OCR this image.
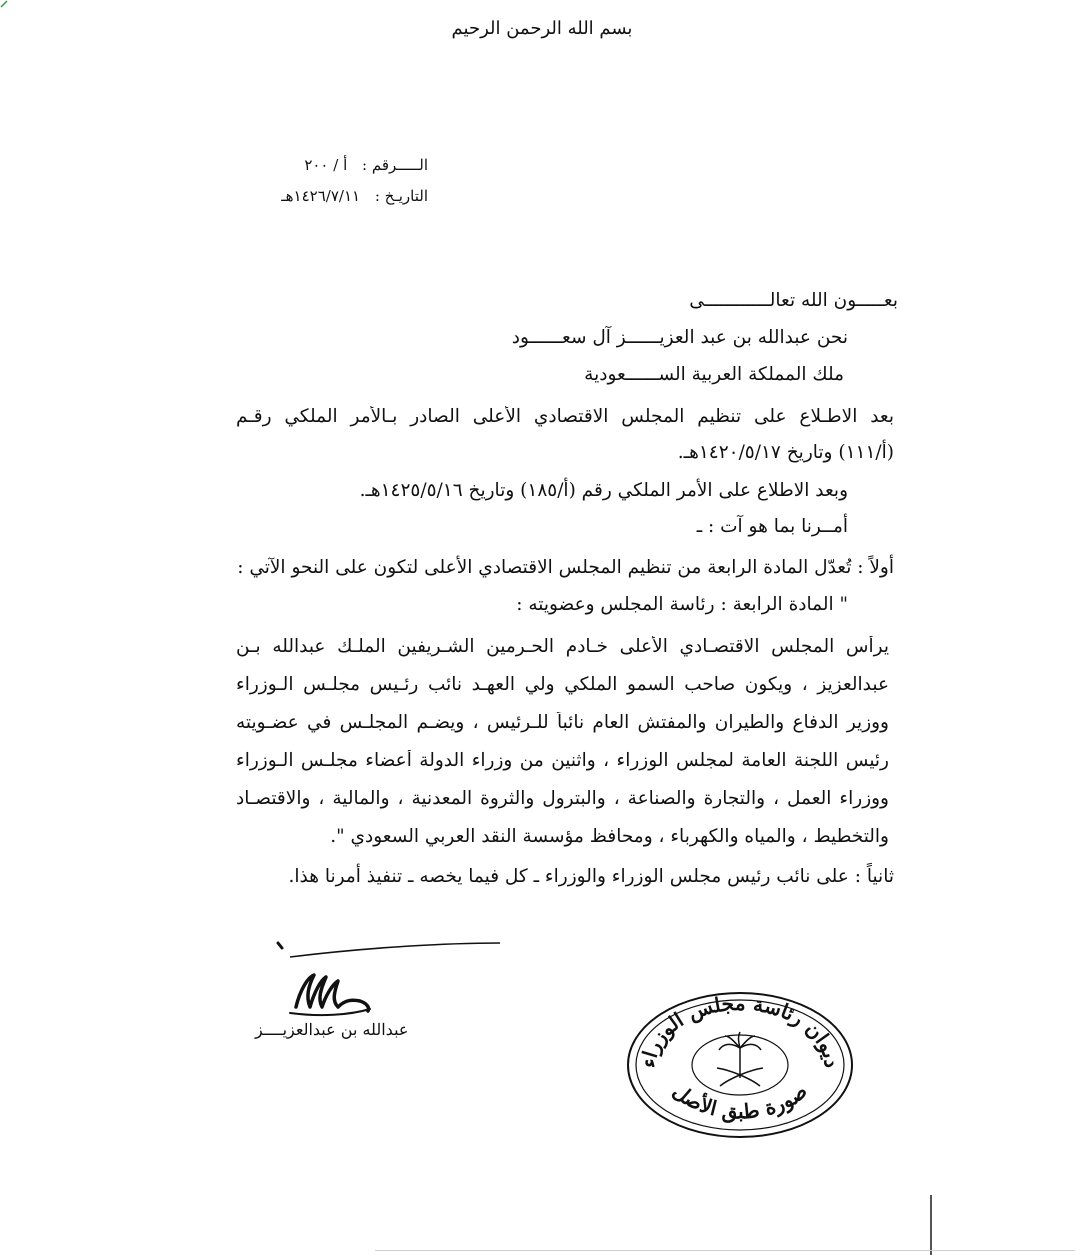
بسم الله الرحمن الرحيم
الـــــرقم : أ / ٢٠٠
التاريـخ : ١٤٢٦/٧/١١هـ
بعـــــون الله تعالــــــــــــى
نحن عبدالله بن عبد العزيــــــز آل سعــــــود
ملك المملكة العربية الســــــعودية
بعد الاطـلاع على تنظيم المجلس الاقتصادي الأعلى الصادر بـالأمر الملكي رقـم
(أ/١١١) وتاريخ ١٤٢٠/٥/١٧هـ.
وبعد الاطلاع على الأمر الملكي رقم (أ/١٨٥) وتاريخ ١٤٢٥/٥/١٦هـ.
أمــرنا بما هو آت : ـ
أولاً : تُعدّل المادة الرابعة من تنظيم المجلس الاقتصادي الأعلى لتكون على النحو الآتي :
" المادة الرابعة : رئاسة المجلس وعضويته :
يرأس المجلس الاقتصـادي الأعلى خـادم الحـرمين الشـريفين الملـك عبدالله بـن
عبدالعزيز ، ويكون صاحب السمو الملكي ولي العهـد نائب رئـيس مجلـس الـوزراء
ووزير الدفاع والطيران والمفتش العام نائباً للـرئيس ، ويضـم المجلـس في عضـويته
رئيس اللجنة العامة لمجلس الوزراء ، واثنين من وزراء الدولة أعضاء مجلـس الـوزراء
ووزراء العمل ، والتجارة والصناعة ، والبترول والثروة المعدنية ، والمالية ، والاقتصـاد
والتخطيط ، والمياه والكهرباء ، ومحافظ مؤسسة النقد العربي السعودي ".
ثانياً : على نائب رئيس مجلس الوزراء والوزراء ـ كل فيما يخصه ـ تنفيذ أمرنا هذا.
عبدالله بن عبدالعزيــــز
ديوان رئاسة مجلس الوزراء
صورة طبق الأصل
